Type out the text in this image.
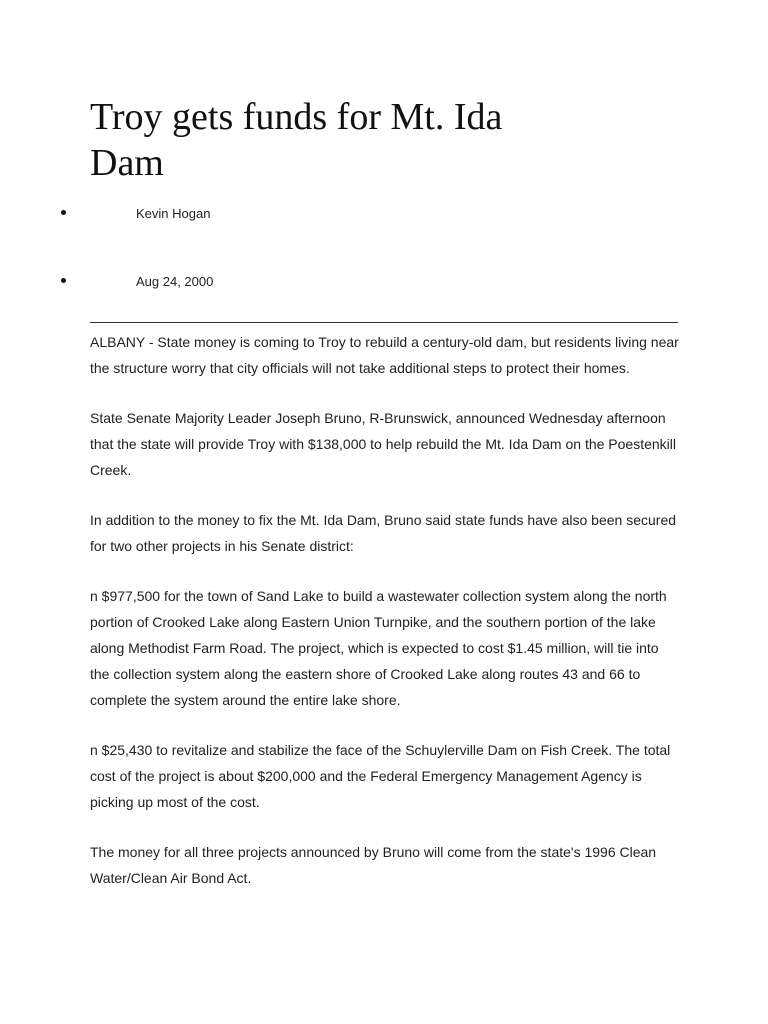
Troy gets funds for Mt. Ida Dam
Kevin Hogan
Aug 24, 2000

ALBANY - State money is coming to Troy to rebuild a century-old dam, but residents living near the structure worry that city officials will not take additional steps to protect their homes.

State Senate Majority Leader Joseph Bruno, R-Brunswick, announced Wednesday afternoon that the state will provide Troy with $138,000 to help rebuild the Mt. Ida Dam on the Poestenkill Creek.

In addition to the money to fix the Mt. Ida Dam, Bruno said state funds have also been secured for two other projects in his Senate district:

n $977,500 for the town of Sand Lake to build a wastewater collection system along the north portion of Crooked Lake along Eastern Union Turnpike, and the southern portion of the lake along Methodist Farm Road. The project, which is expected to cost $1.45 million, will tie into the collection system along the eastern shore of Crooked Lake along routes 43 and 66 to complete the system around the entire lake shore.

n $25,430 to revitalize and stabilize the face of the Schuylerville Dam on Fish Creek. The total cost of the project is about $200,000 and the Federal Emergency Management Agency is picking up most of the cost.

The money for all three projects announced by Bruno will come from the state's 1996 Clean Water/Clean Air Bond Act.
